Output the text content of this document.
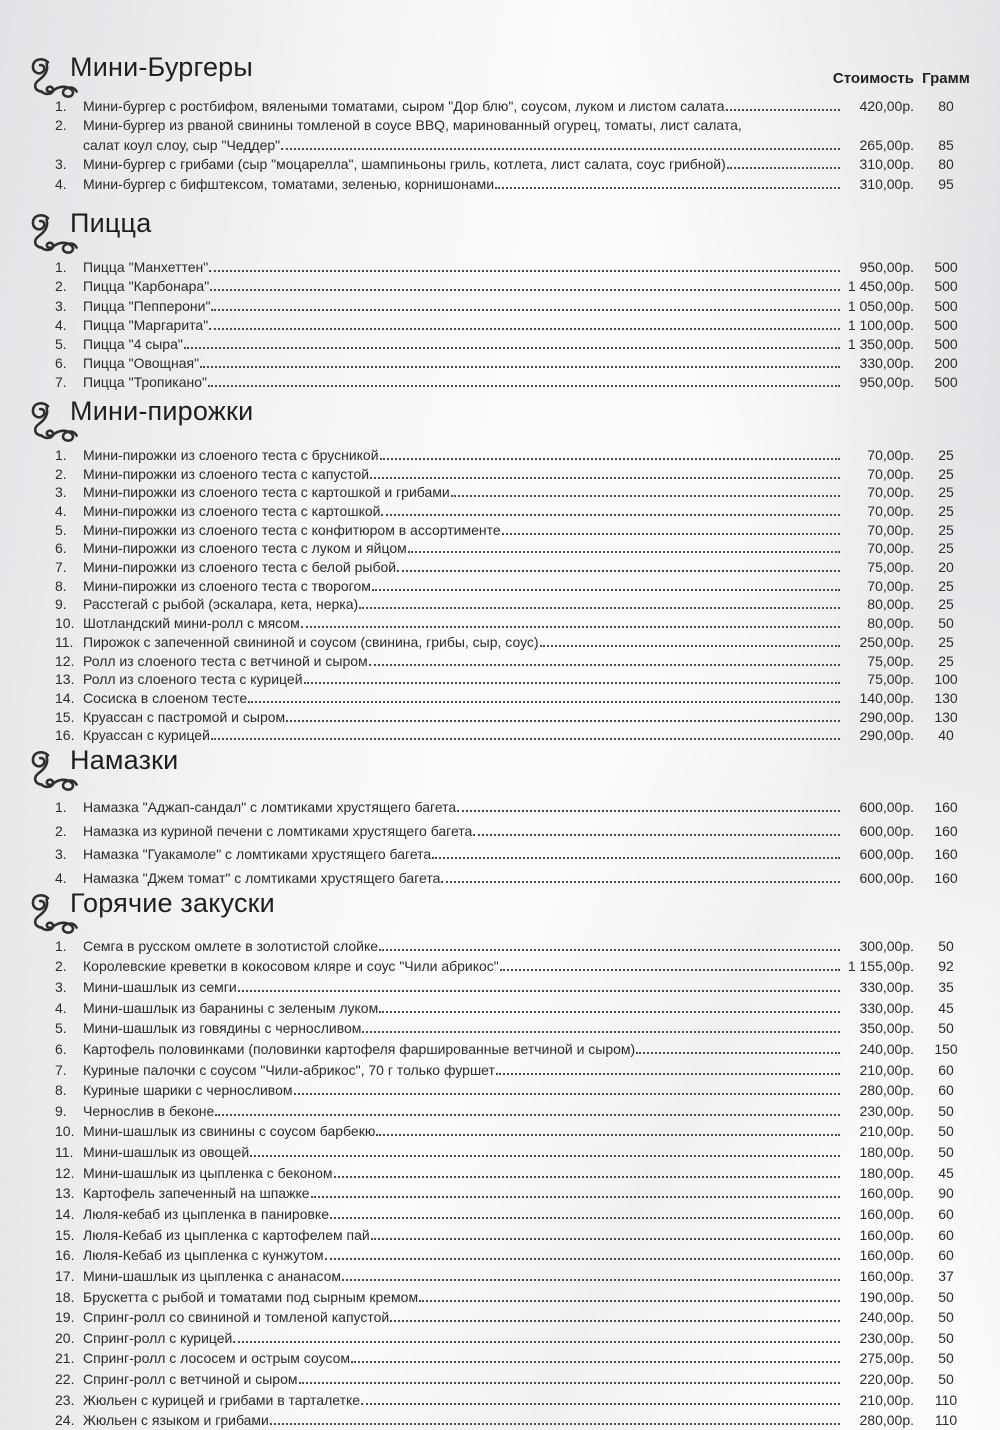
Стоимость Грамм
Мини-Бургеры
1.	Мини-бургер с ростбифом, вялеными томатами, сыром "Дор блю", соусом, луком и листом салата	420,00р.	80
2.	Мини-бургер из рваной свинины томленой в соусе BBQ, маринованный огурец, томаты, лист салата,
салат коул слоу, сыр "Чеддер"	265,00р.	85
3.	Мини-бургер с грибами (сыр "моцарелла", шампиньоны гриль, котлета, лист салата, соус грибной)	310,00р.	80
4.	Мини-бургер с бифштексом, томатами, зеленью, корнишонами	310,00р.	95
Пицца
1.	Пицца "Манхеттен"	950,00р.	500
2.	Пицца "Карбонара"	1 450,00р.	500
3.	Пицца "Пепперони"	1 050,00р.	500
4.	Пицца "Маргарита"	1 100,00р.	500
5.	Пицца "4 сыра"	1 350,00р.	500
6.	Пицца "Овощная"	330,00р.	200
7.	Пицца "Тропикано"	950,00р.	500
Мини-пирожки
1.	Мини-пирожки из слоеного теста с брусникой	70,00р.	25
2.	Мини-пирожки из слоеного теста с капустой	70,00р.	25
3.	Мини-пирожки из слоеного теста с картошкой и грибами	70,00р.	25
4.	Мини-пирожки из слоеного теста с картошкой	70,00р.	25
5.	Мини-пирожки из слоеного теста с конфитюром в ассортименте	70,00р.	25
6.	Мини-пирожки из слоеного теста с луком и яйцом	70,00р.	25
7.	Мини-пирожки из слоеного теста с белой рыбой	75,00р.	20
8.	Мини-пирожки из слоеного теста с творогом	70,00р.	25
9.	Расстегай с рыбой (эскалара, кета, нерка)	80,00р.	25
10. Шотландский мини-ролл с мясом	80,00р.	50
11. Пирожок с запеченной свининой и соусом (свинина, грибы, сыр, соус)	250,00р.	25
12. Ролл из слоеного теста с ветчиной и сыром	75,00р.	25
13. Ролл из слоеного теста с курицей	75,00р.	100
14. Сосиска в слоеном тесте	140,00р.	130
15. Круассан с пастромой и сыром	290,00р.	130
16. Круассан с курицей	290,00р.	40
Намазки
1.	Намазка "Аджап-сандал" с ломтиками хрустящего багета	600,00р.	160
2.	Намазка из куриной печени с ломтиками хрустящего багета	600,00р.	160
3.	Намазка "Гуакамоле" с ломтиками хрустящего багета	600,00р.	160
4.	Намазка "Джем томат" с ломтиками хрустящего багета	600,00р.	160
Горячие закуски
1.	Семга в русском омлете в золотистой слойке	300,00р.	50
2.	Королевские креветки в кокосовом кляре и соус "Чили абрикос"	1 155,00р.	92
3.	Мини-шашлык из семги	330,00р.	35
4.	Мини-шашлык из баранины с зеленым луком	330,00р.	45
5.	Мини-шашлык из говядины с черносливом	350,00р.	50
6.	Картофель половинками (половинки картофеля фаршированные ветчиной и сыром)	240,00р.	150
7.	Куриные палочки с соусом "Чили-абрикос", 70 г только фуршет	210,00р.	60
8.	Куриные шарики с черносливом	280,00р.	60
9.	Чернослив в беконе	230,00р.	50
10. Мини-шашлык из свинины с соусом барбекю	210,00р.	50
11. Мини-шашлык из овощей	180,00р.	50
12. Мини-шашлык из цыпленка с беконом	180,00р.	45
13. Картофель запеченный на шпажке	160,00р.	90
14. Люля-кебаб из цыпленка в панировке	160,00р.	60
15. Люля-Кебаб из цыпленка с картофелем пай	160,00р.	60
16. Люля-Кебаб из цыпленка с кунжутом	160,00р.	60
17. Мини-шашлык из цыпленка с ананасом	160,00р.	37
18. Брускетта с рыбой и томатами под сырным кремом	190,00р.	50
19. Спринг-ролл со свининой и томленой капустой	240,00р.	50
20. Спринг-ролл с курицей	230,00р.	50
21. Спринг-ролл с лососем и острым соусом	275,00р.	50
22. Спринг-ролл с ветчиной и сыром	220,00р.	50
23. Жюльен с курицей и грибами в тарталетке	210,00р.	110
24. Жюльен с языком и грибами	280,00р.	110
